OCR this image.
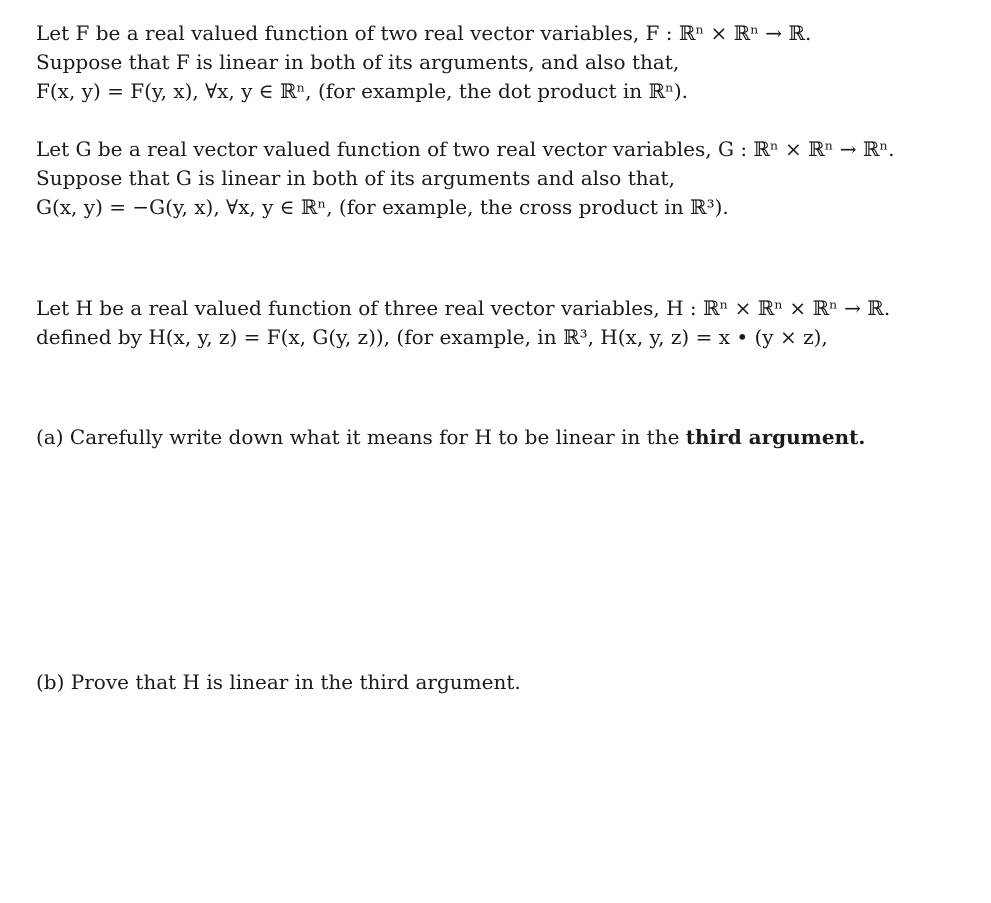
Let F be a real valued function of two real vector variables, F : ℝⁿ × ℝⁿ → ℝ.
Suppose that F is linear in both of its arguments, and also that,
F(x, y) = F(y, x), ∀x, y ∈ ℝⁿ, (for example, the dot product in ℝⁿ).
Let G be a real vector valued function of two real vector variables, G : ℝⁿ × ℝⁿ → ℝⁿ.
Suppose that G is linear in both of its arguments and also that,
G(x, y) = −G(y, x), ∀x, y ∈ ℝⁿ, (for example, the cross product in ℝ³).
Let H be a real valued function of three real vector variables, H : ℝⁿ × ℝⁿ × ℝⁿ → ℝ.
defined by H(x, y, z) = F(x, G(y, z)), (for example, in ℝ³, H(x, y, z) = x • (y × z),
(a) Carefully write down what it means for H to be linear in the third argument.
(b) Prove that H is linear in the third argument.
